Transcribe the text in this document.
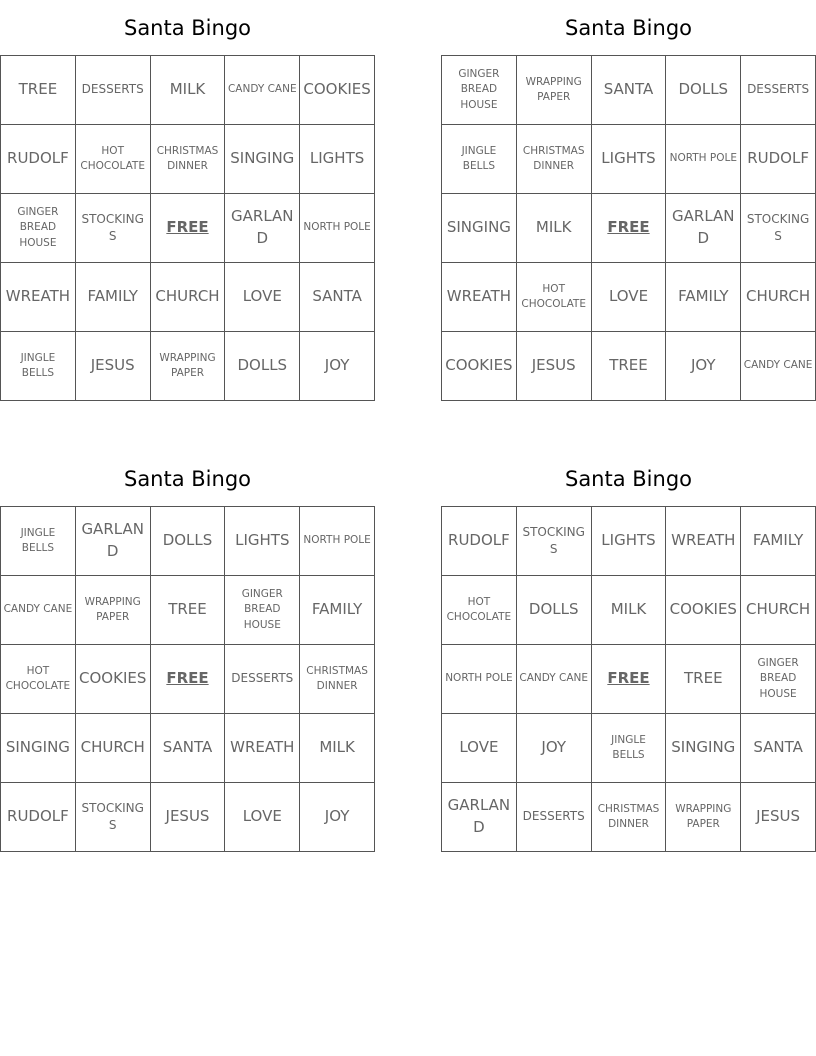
Santa Bingo
TREE	DESSERTS	MILK	CANDY CANE	COOKIES
RUDOLF	HOT CHOCOLATE	CHRISTMAS DINNER	SINGING	LIGHTS
GINGER BREAD HOUSE	STOCKINGS	FREE	GARLAND	NORTH POLE
WREATH	FAMILY	CHURCH	LOVE	SANTA
JINGLE BELLS	JESUS	WRAPPING PAPER	DOLLS	JOY
Santa Bingo
GINGER BREAD HOUSE	WRAPPING PAPER	SANTA	DOLLS	DESSERTS
JINGLE BELLS	CHRISTMAS DINNER	LIGHTS	NORTH POLE	RUDOLF
SINGING	MILK	FREE	GARLAND	STOCKINGS
WREATH	HOT CHOCOLATE	LOVE	FAMILY	CHURCH
COOKIES	JESUS	TREE	JOY	CANDY CANE
Santa Bingo
JINGLE BELLS	GARLAND	DOLLS	LIGHTS	NORTH POLE
CANDY CANE	WRAPPING PAPER	TREE	GINGER BREAD HOUSE	FAMILY
HOT CHOCOLATE	COOKIES	FREE	DESSERTS	CHRISTMAS DINNER
SINGING	CHURCH	SANTA	WREATH	MILK
RUDOLF	STOCKINGS	JESUS	LOVE	JOY
Santa Bingo
RUDOLF	STOCKINGS	LIGHTS	WREATH	FAMILY
HOT CHOCOLATE	DOLLS	MILK	COOKIES	CHURCH
NORTH POLE	CANDY CANE	FREE	TREE	GINGER BREAD HOUSE
LOVE	JOY	JINGLE BELLS	SINGING	SANTA
GARLAND	DESSERTS	CHRISTMAS DINNER	WRAPPING PAPER	JESUS
